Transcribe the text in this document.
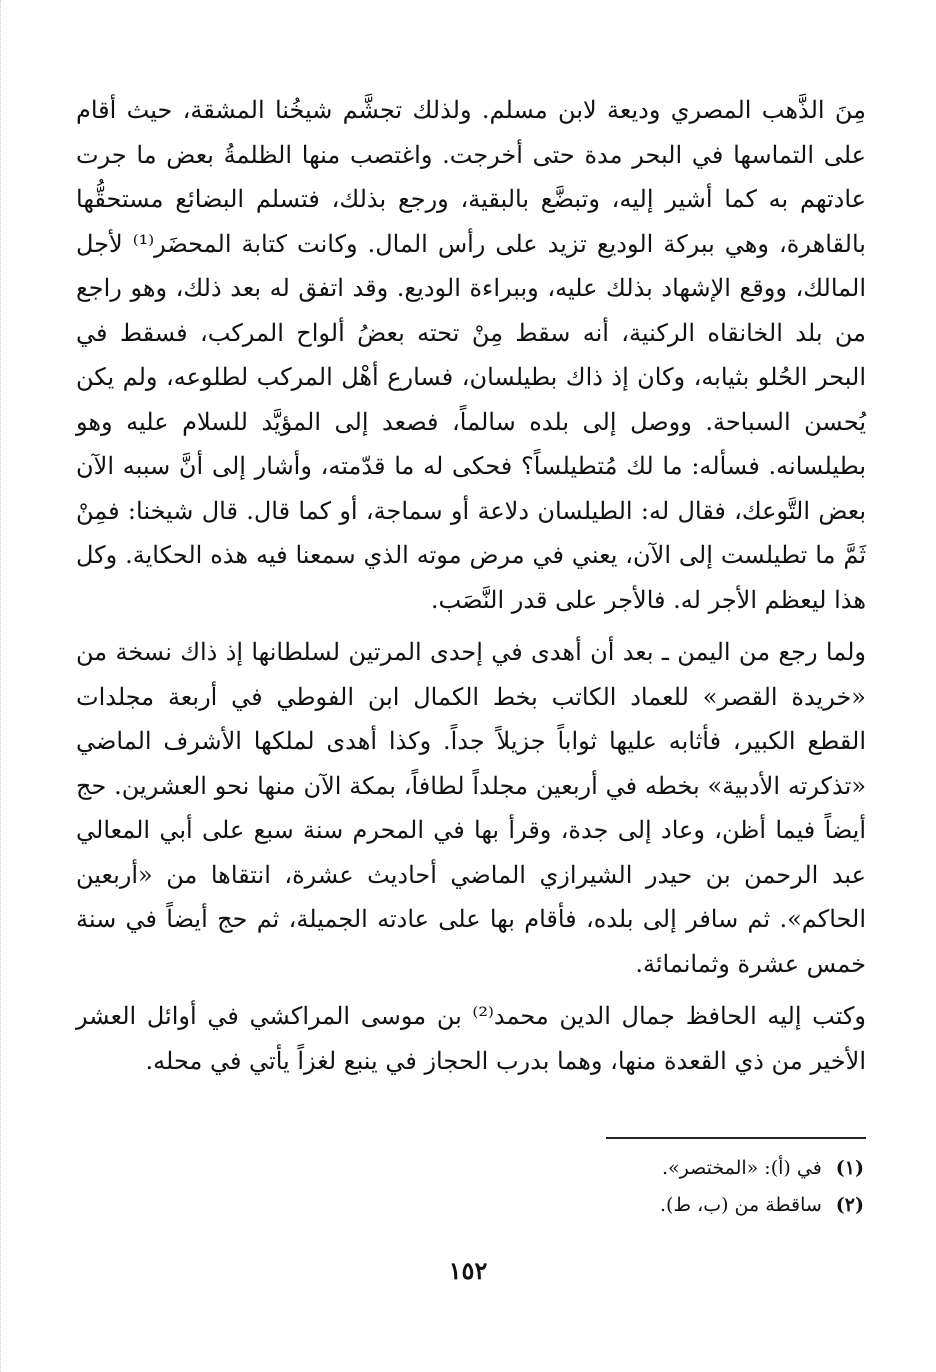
مِنَ الذَّهب المصري وديعة لابن مسلم. ولذلك تجشَّم شيخُنا المشقة، حيث أقام على التماسها في البحر مدة حتى أخرجت. واغتصب منها الظلمةُ بعض ما جرت عادتهم به كما أشير إليه، وتبضَّع بالبقية، ورجع بذلك، فتسلم البضائع مستحقُّها بالقاهرة، وهي ببركة الوديع تزيد على رأس المال. وكانت كتابة المحضَر⁽¹⁾ لأجل المالك، ووقع الإشهاد بذلك عليه، وببراءة الوديع. وقد اتفق له بعد ذلك، وهو راجع من بلد الخانقاه الركنية، أنه سقط مِنْ تحته بعضُ ألواح المركب، فسقط في البحر الحُلو بثيابه، وكان إذ ذاك بطيلسان، فسارع أهْل المركب لطلوعه، ولم يكن يُحسن السباحة. ووصل إلى بلده سالماً، فصعد إلى المؤيَّد للسلام عليه وهو بطيلسانه. فسأله: ما لك مُتطيلساً؟ فحكى له ما قدّمته، وأشار إلى أنَّ سببه الآن بعض التَّوعك، فقال له: الطيلسان دلاعة أو سماجة، أو كما قال. قال شيخنا: فمِنْ ثَمَّ ما تطيلست إلى الآن، يعني في مرض موته الذي سمعنا فيه هذه الحكاية. وكل هذا ليعظم الأجر له. فالأجر على قدر النَّصَب.

ولما رجع من اليمن ـ بعد أن أهدى في إحدى المرتين لسلطانها إذ ذاك نسخة من «خريدة القصر» للعماد الكاتب بخط الكمال ابن الفوطي في أربعة مجلدات القطع الكبير، فأثابه عليها ثواباً جزيلاً جداً. وكذا أهدى لملكها الأشرف الماضي «تذكرته الأدبية» بخطه في أربعين مجلداً لطافاً، بمكة الآن منها نحو العشرين. حج أيضاً فيما أظن، وعاد إلى جدة، وقرأ بها في المحرم سنة سبع على أبي المعالي عبد الرحمن بن حيدر الشيرازي الماضي أحاديث عشرة، انتقاها من «أربعين الحاكم». ثم سافر إلى بلده، فأقام بها على عادته الجميلة، ثم حج أيضاً في سنة خمس عشرة وثمانمائة.

وكتب إليه الحافظ جمال الدين محمد⁽²⁾ بن موسى المراكشي في أوائل العشر الأخير من ذي القعدة منها، وهما بدرب الحجاز في ينبع لغزاً يأتي في محله.

(١)في (أ): «المختصر».
(٢)ساقطة من (ب، ط).
١٥٢
